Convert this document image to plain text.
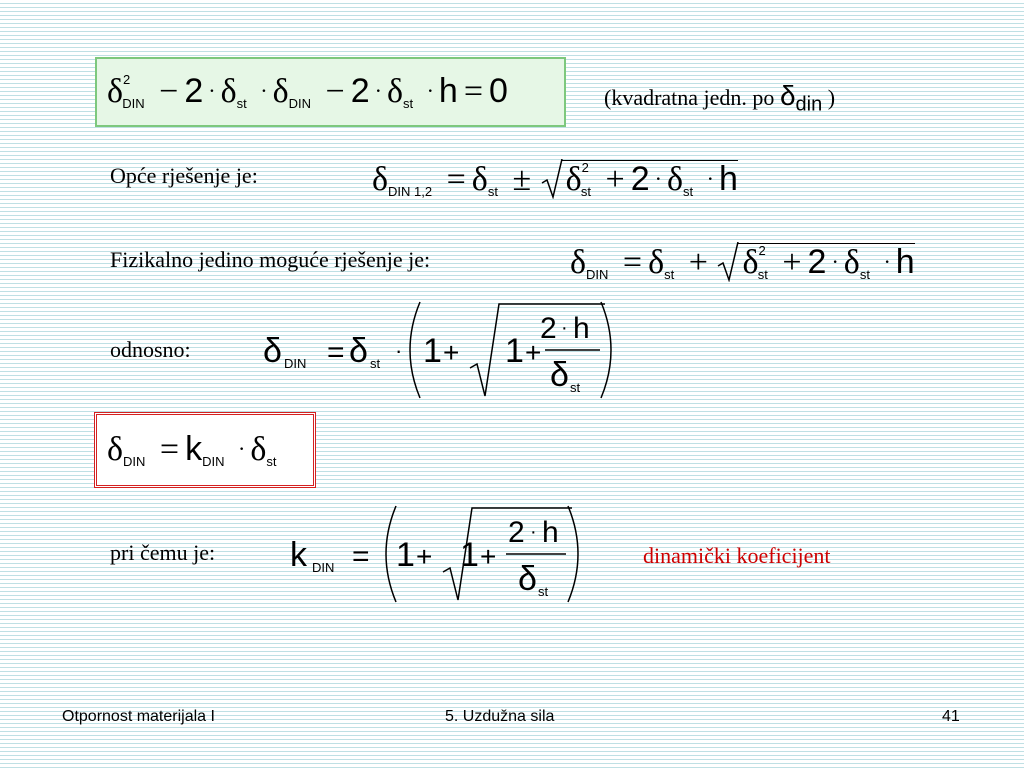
$\delta^2_{DIN} - 2 \cdot \delta_{st} \cdot \delta_{DIN} - 2 \cdot \delta_{st} \cdot h = 0$	(kvadratna jedn. po $\delta_{din}$ )
Opće rješenje je:	$\delta_{DIN 1,2} = \delta_{st} \pm \delta^2_{st} + 2 \cdot \delta_{st} \cdot h$
Fizikalno jedino moguće rješenje je:	$\delta_{DIN} = \delta_{st} + \delta^2_{st} + 2 \cdot \delta_{st} \cdot h$
odnosno: δ DIN = δ st
· 1 + 1 +
2 · h
δ st
$\delta_{DIN} = k_{DIN} \cdot \delta_{st}$
pri čemu je: k DIN = 1 + 1 +
2 · h
δ st
dinamički koeficijent
Otpornost materijala I	5. Uzdužna sila	41
